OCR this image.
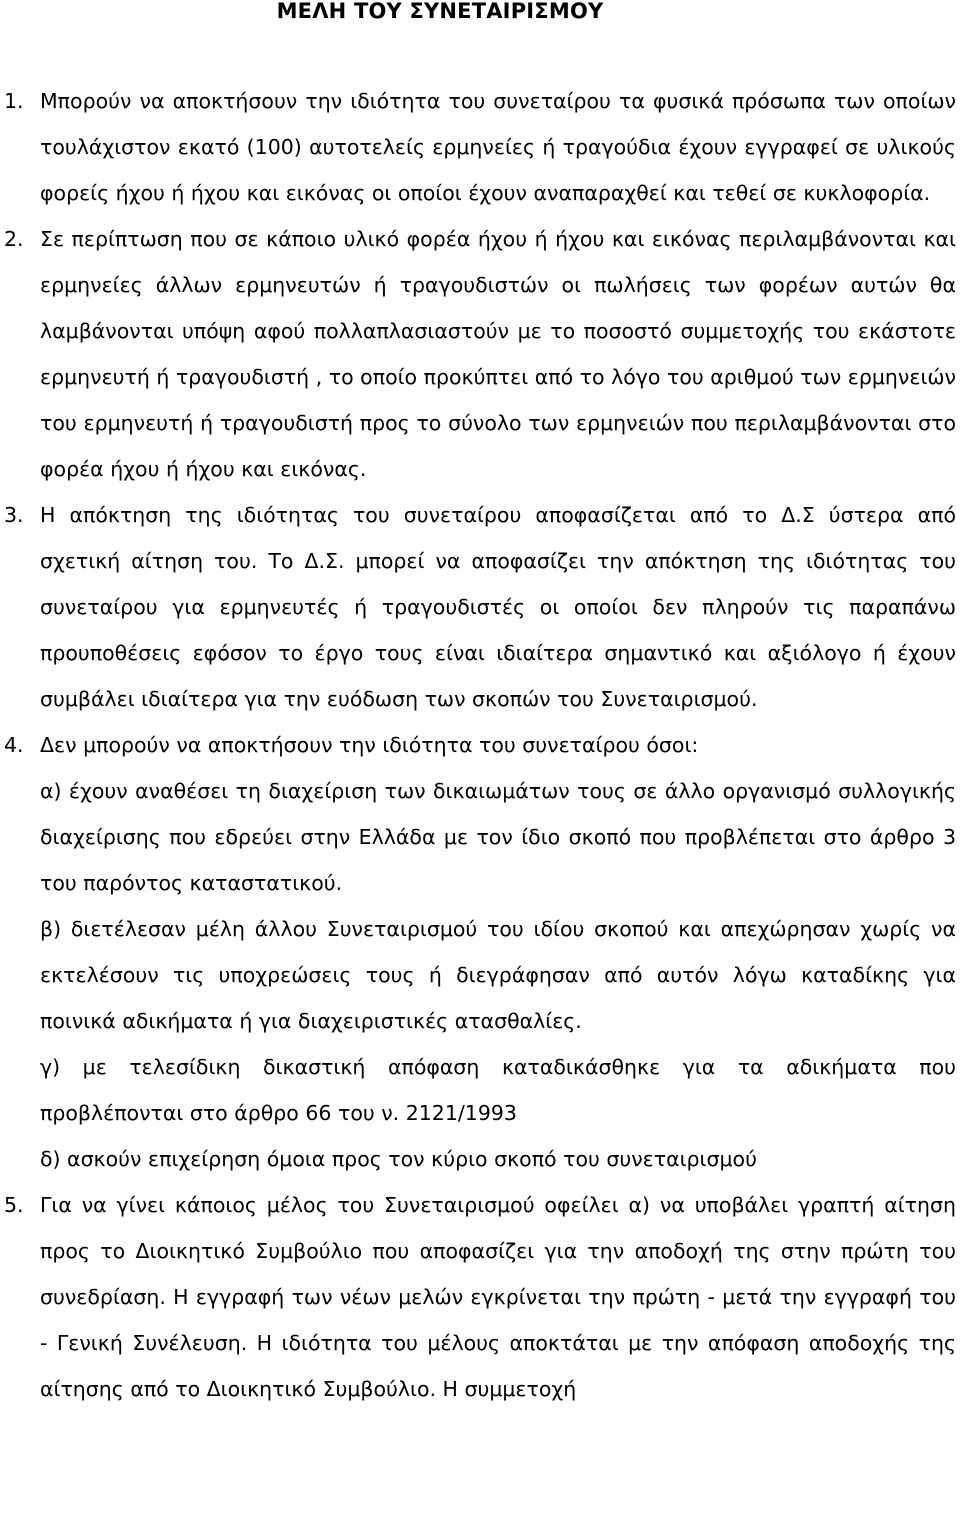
ΜΕΛΗ ΤΟΥ ΣΥΝΕΤΑΙΡΙΣΜΟΥ
1. Μπορούν να αποκτήσουν την ιδιότητα του συνεταίρου τα φυσικά πρόσωπα των οποίων τουλάχιστον εκατό (100) αυτοτελείς ερμηνείες ή τραγούδια έχουν εγγραφεί σε υλικούς φορείς ήχου ή ήχου και εικόνας οι οποίοι έχουν αναπαραχθεί και τεθεί σε κυκλοφορία.

2. Σε περίπτωση που σε κάποιο υλικό φορέα ήχου ή ήχου και εικόνας περιλαμβάνονται και ερμηνείες άλλων ερμηνευτών ή τραγουδιστών οι πωλήσεις των φορέων αυτών θα λαμβάνονται υπόψη αφού πολλαπλασιαστούν με το ποσοστό συμμετοχής του εκάστοτε ερμηνευτή ή τραγουδιστή , το οποίο προκύπτει από το λόγο του αριθμού των ερμηνειών του ερμηνευτή ή τραγουδιστή προς το σύνολο των ερμηνειών που περιλαμβάνονται στο φορέα ήχου ή ήχου και εικόνας.

3. Η απόκτηση της ιδιότητας του συνεταίρου αποφασίζεται από το Δ.Σ ύστερα από σχετική αίτηση του. Το Δ.Σ. μπορεί να αποφασίζει την απόκτηση της ιδιότητας του συνεταίρου για ερμηνευτές ή τραγουδιστές οι οποίοι δεν πληρούν τις παραπάνω προυποθέσεις εφόσον το έργο τους είναι ιδιαίτερα σημαντικό και αξιόλογο ή έχουν συμβάλει ιδιαίτερα για την ευόδωση των σκοπών του Συνεταιρισμού.

4. Δεν μπορούν να αποκτήσουν την ιδιότητα του συνεταίρου όσοι:

α) έχουν αναθέσει τη διαχείριση των δικαιωμάτων τους σε άλλο οργανισμό συλλογικής διαχείρισης που εδρεύει στην Ελλάδα με τον ίδιο σκοπό που προβλέπεται στο άρθρο 3 του παρόντος καταστατικού.

β) διετέλεσαν μέλη άλλου Συνεταιρισμού του ιδίου σκοπού και απεχώρησαν χωρίς να εκτελέσουν τις υποχρεώσεις τους ή διεγράφησαν από αυτόν λόγω καταδίκης για ποινικά αδικήματα ή για διαχειριστικές ατασθαλίες.

γ) με τελεσίδικη δικαστική απόφαση καταδικάσθηκε για τα αδικήματα που προβλέπονται στο άρθρο 66 του ν. 2121/1993

δ) ασκούν επιχείρηση όμοια προς τον κύριο σκοπό του συνεταιρισμού

5. Για να γίνει κάποιος μέλος του Συνεταιρισμού οφείλει α) να υποβάλει γραπτή αίτηση προς το Διοικητικό Συμβούλιο που αποφασίζει για την αποδοχή της στην πρώτη του συνεδρίαση. Η εγγραφή των νέων μελών εγκρίνεται την πρώτη - μετά την εγγραφή του - Γενική Συνέλευση. Η ιδιότητα του μέλους αποκτάται με την απόφαση αποδοχής της αίτησης από το Διοικητικό Συμβούλιο. Η συμμετοχή
